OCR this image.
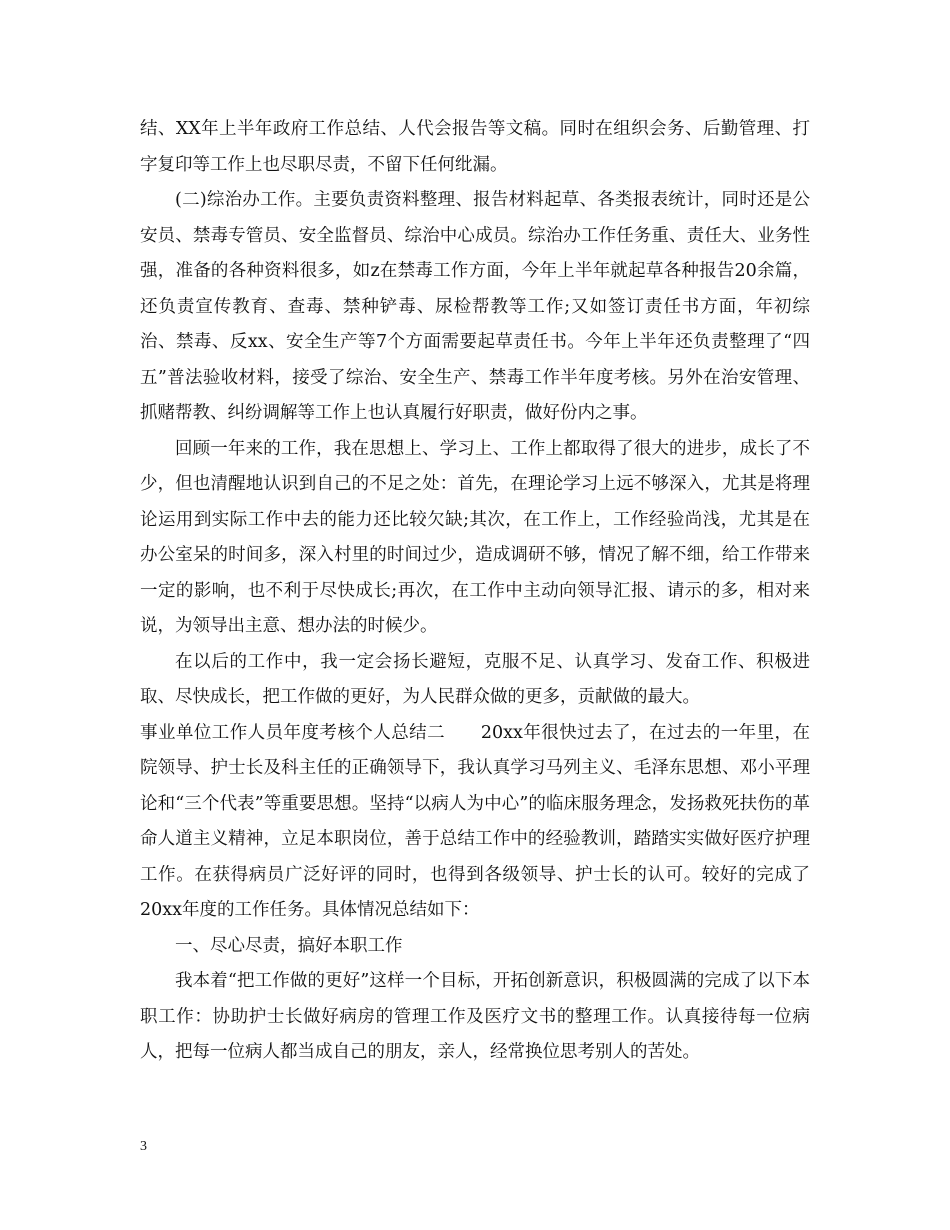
结、XX年上半年政府工作总结、人代会报告等文稿。同时在组织会务、后勤管理、打字复印等工作上也尽职尽责，不留下任何纰漏。

(二)综治办工作。主要负责资料整理、报告材料起草、各类报表统计，同时还是公安员、禁毒专管员、安全监督员、综治中心成员。综治办工作任务重、责任大、业务性强，准备的各种资料很多，如z在禁毒工作方面，今年上半年就起草各种报告20余篇，还负责宣传教育、查毒、禁种铲毒、尿检帮教等工作;又如签订责任书方面，年初综治、禁毒、反xx、安全生产等7个方面需要起草责任书。今年上半年还负责整理了“四五”普法验收材料，接受了综治、安全生产、禁毒工作半年度考核。另外在治安管理、抓赌帮教、纠纷调解等工作上也认真履行好职责，做好份内之事。

回顾一年来的工作，我在思想上、学习上、工作上都取得了很大的进步，成长了不少，但也清醒地认识到自己的不足之处：首先，在理论学习上远不够深入，尤其是将理论运用到实际工作中去的能力还比较欠缺;其次，在工作上，工作经验尚浅，尤其是在办公室呆的时间多，深入村里的时间过少，造成调研不够，情况了解不细，给工作带来一定的影响，也不利于尽快成长;再次，在工作中主动向领导汇报、请示的多，相对来说，为领导出主意、想办法的时候少。

在以后的工作中，我一定会扬长避短，克服不足、认真学习、发奋工作、积极进取、尽快成长，把工作做的更好，为人民群众做的更多，贡献做的最大。

事业单位工作人员年度考核个人总结二　　20xx年很快过去了，在过去的一年里，在院领导、护士长及科主任的正确领导下，我认真学习马列主义、毛泽东思想、邓小平理论和“三个代表”等重要思想。坚持“以病人为中心”的临床服务理念，发扬救死扶伤的革命人道主义精神，立足本职岗位，善于总结工作中的经验教训，踏踏实实做好医疗护理工作。在获得病员广泛好评的同时，也得到各级领导、护士长的认可。较好的完成了20xx年度的工作任务。具体情况总结如下：

一、尽心尽责，搞好本职工作

我本着“把工作做的更好”这样一个目标，开拓创新意识，积极圆满的完成了以下本职工作：协助护士长做好病房的管理工作及医疗文书的整理工作。认真接待每一位病人，把每一位病人都当成自己的朋友，亲人，经常换位思考别人的苦处。

3
